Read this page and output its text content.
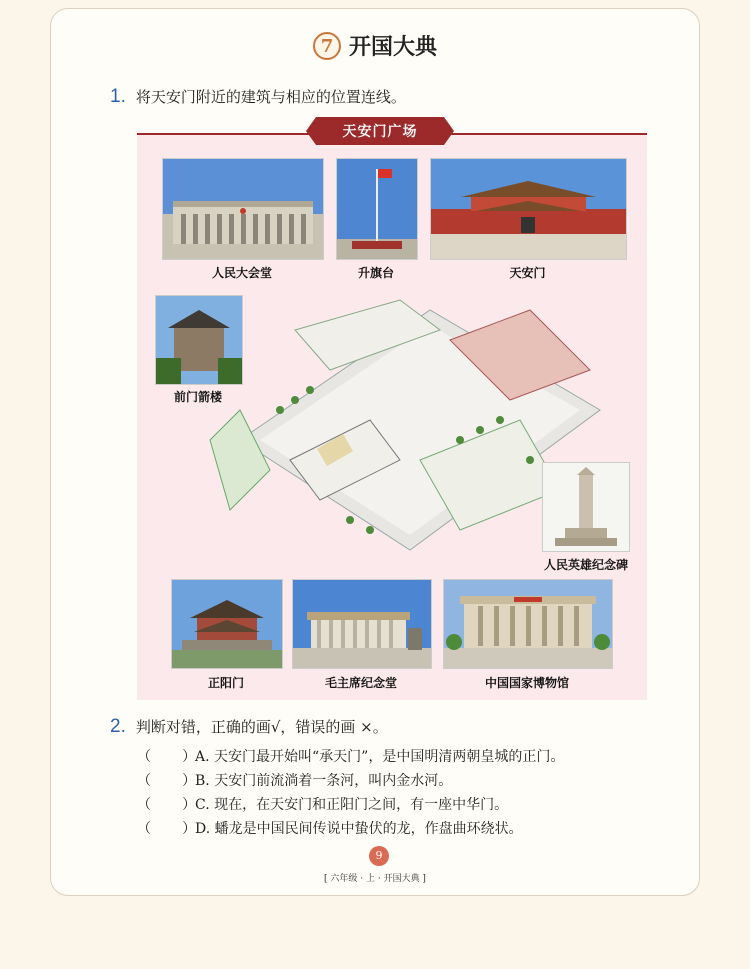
7 开国大典
1. 将天安门附近的建筑与相应的位置连线。
天安门广场
人民大会堂	升旗台	天安门
前门箭楼
人民英雄纪念碑
正阳门	毛主席纪念堂	中国国家博物馆
2. 判断对错，正确的画√，错误的画 ×。
（ ）A. 天安门最开始叫“承天门”，是中国明清两朝皇城的正门。
（ ）B. 天安门前流淌着一条河，叫内金水河。
（ ）C. 现在，在天安门和正阳门之间，有一座中华门。
（ ）D. 蟠龙是中国民间传说中蛰伏的龙，作盘曲环绕状。
9
[ 六年级 · 上 · 开国大典 ]
